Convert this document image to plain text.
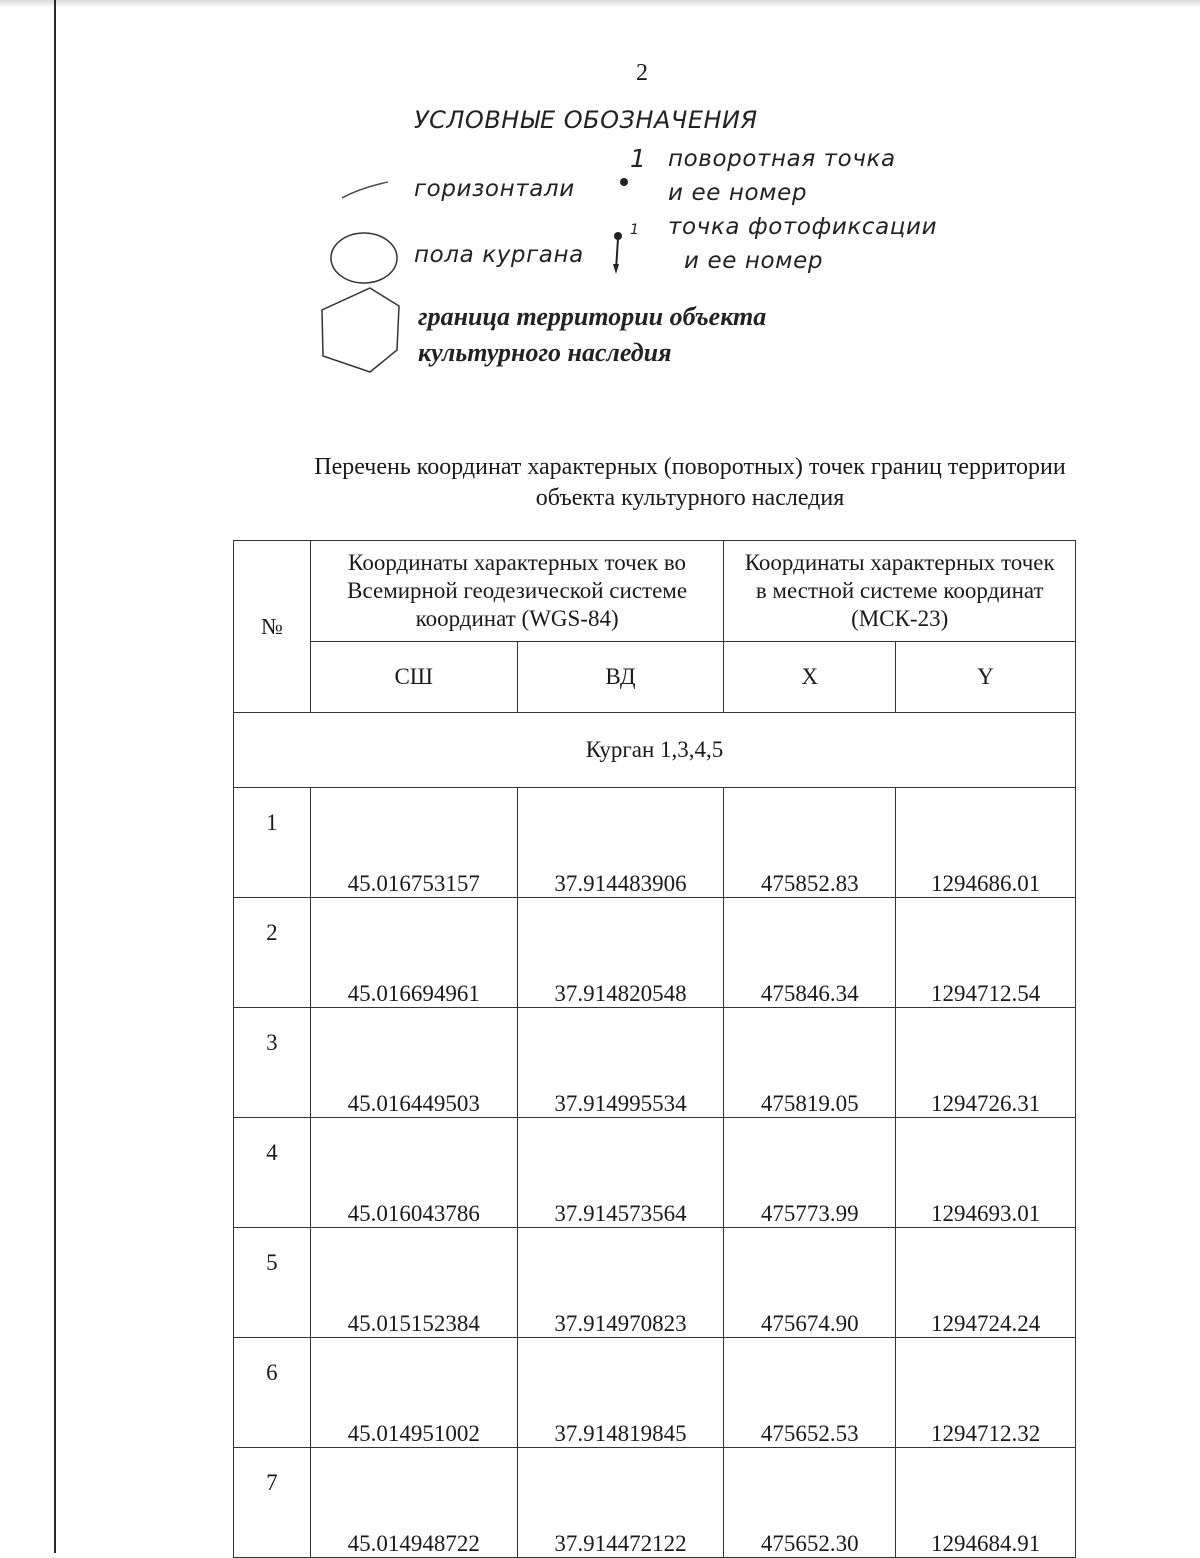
2
УСЛОВНЫЕ ОБОЗНАЧЕНИЯ
горизонтали
1 поворотная точка
и ее номер
1 точка фотофиксации
и ее номер
пола кургана
граница территории объекта
культурного наследия
Перечень координат характерных (поворотных) точек границ территории
объекта культурного наследия
№	Координаты характерных точек во Всемирной геодезической системе координат (WGS-84)		Координаты характерных точек в местной системе координат (МСК-23)	
	СШ	ВД	X	Y
Курган 1,3,4,5				
1	45.016753157	37.914483906	475852.83	1294686.01
2	45.016694961	37.914820548	475846.34	1294712.54
3	45.016449503	37.914995534	475819.05	1294726.31
4	45.016043786	37.914573564	475773.99	1294693.01
5	45.015152384	37.914970823	475674.90	1294724.24
6	45.014951002	37.914819845	475652.53	1294712.32
7	45.014948722	37.914472122	475652.30	1294684.91
